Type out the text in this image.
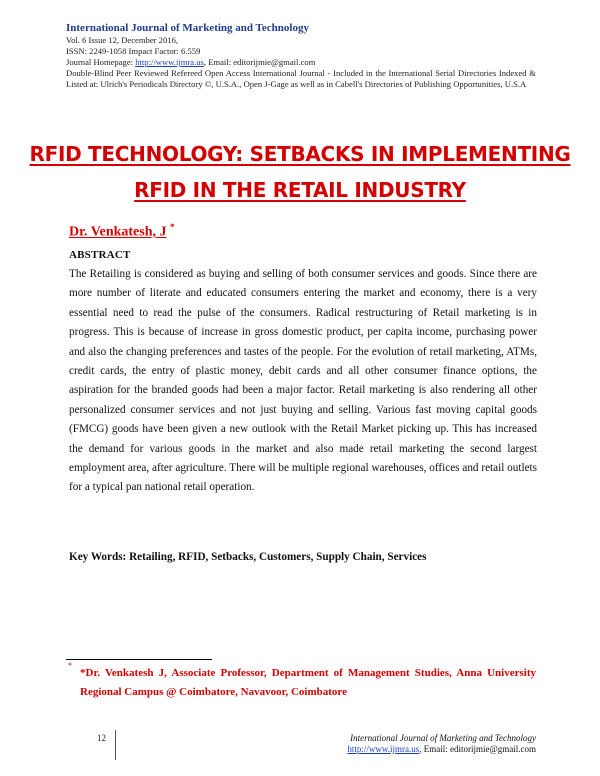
International Journal of Marketing and Technology
Vol. 6 Issue 12, December 2016,
ISSN: 2249-1058 Impact Factor: 6.559
Journal Homepage: http://www.ijmra.us, Email: editorijmie@gmail.com
Double-Blind Peer Reviewed Refereed Open Access International Journal - Included in the International Serial Directories Indexed & Listed at: Ulrich's Periodicals Directory ©, U.S.A., Open J-Gage as well as in Cabell's Directories of Publishing Opportunities, U.S.A
RFID TECHNOLOGY: SETBACKS IN IMPLEMENTING
RFID IN THE RETAIL INDUSTRY
Dr. Venkatesh, J *
ABSTRACT
The Retailing is considered as buying and selling of both consumer services and goods. Since there are more number of literate and educated consumers entering the market and economy, there is a very essential need to read the pulse of the consumers. Radical restructuring of Retail marketing is in progress. This is because of increase in gross domestic product, per capita income, purchasing power and also the changing preferences and tastes of the people. For the evolution of retail marketing, ATMs, credit cards, the entry of plastic money, debit cards and all other consumer finance options, the aspiration for the branded goods had been a major factor. Retail marketing is also rendering all other personalized consumer services and not just buying and selling. Various fast moving capital goods (FMCG) goods have been given a new outlook with the Retail Market picking up. This has increased the demand for various goods in the market and also made retail marketing the second largest employment area, after agriculture. There will be multiple regional warehouses, offices and retail outlets for a typical pan national retail operation.
Key Words: Retailing, RFID, Setbacks, Customers, Supply Chain, Services
*
*Dr. Venkatesh J, Associate Professor, Department of Management Studies, Anna University Regional Campus @ Coimbatore, Navavoor, Coimbatore
12	International Journal of Marketing and Technology
http://www.ijmra.us, Email: editorijmie@gmail.com
